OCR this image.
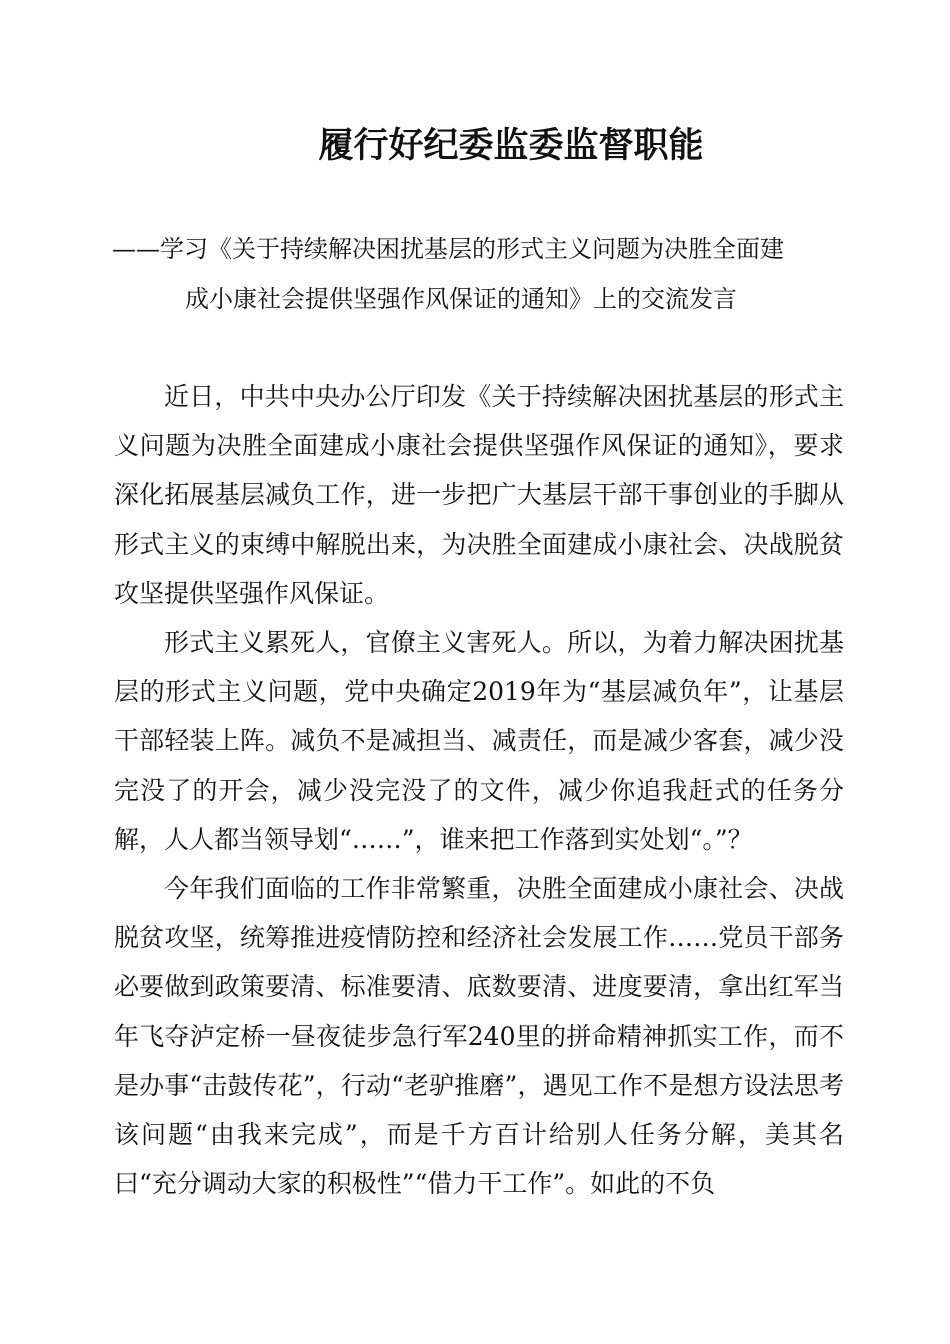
履行好纪委监委监督职能
——学习《关于持续解决困扰基层的形式主义问题为决胜全面建
成小康社会提供坚强作风保证的通知》上的交流发言

近日，中共中央办公厅印发《关于持续解决困扰基层的形式主义问题为决胜全面建成小康社会提供坚强作风保证的通知》，要求深化拓展基层减负工作，进一步把广大基层干部干事创业的手脚从形式主义的束缚中解脱出来，为决胜全面建成小康社会、决战脱贫攻坚提供坚强作风保证。

形式主义累死人，官僚主义害死人。所以，为着力解决困扰基层的形式主义问题，党中央确定2019年为“基层减负年”，让基层干部轻装上阵。减负不是减担当、减责任，而是减少客套，减少没完没了的开会，减少没完没了的文件，减少你追我赶式的任务分解，人人都当领导划“……”，谁来把工作落到实处划“。”？

今年我们面临的工作非常繁重，决胜全面建成小康社会、决战脱贫攻坚，统筹推进疫情防控和经济社会发展工作……党员干部务必要做到政策要清、标准要清、底数要清、进度要清，拿出红军当年飞夺泸定桥一昼夜徒步急行军240里的拼命精神抓实工作，而不是办事“击鼓传花”，行动“老驴推磨”，遇见工作不是想方设法思考该问题“由我来完成”，而是千方百计给别人任务分解，美其名曰“充分调动大家的积极性”“借力干工作”。如此的不负
